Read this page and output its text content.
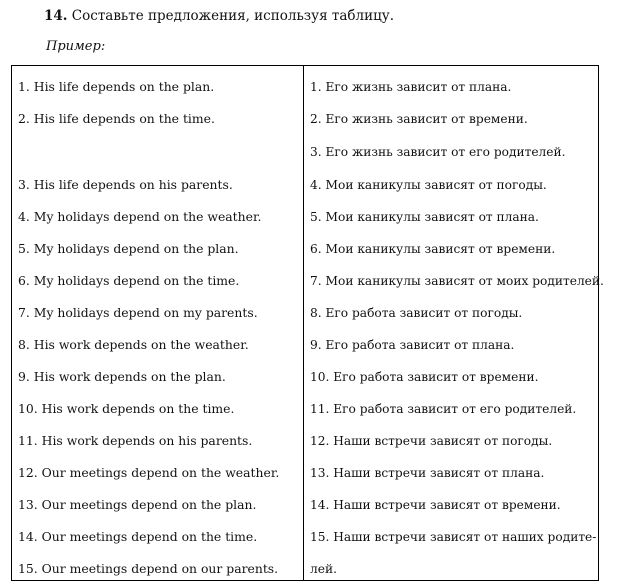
14. Составьте предложения, используя таблицу.
Пример:
1. His life depends on the plan.
2. His life depends on the time.
3. His life depends on his parents.
4. My holidays depend on the weather.
5. My holidays depend on the plan.
6. My holidays depend on the time.
7. My holidays depend on my parents.
8. His work depends on the weather.
9. His work depends on the plan.
10. His work depends on the time.
11. His work depends on his parents.
12. Our meetings depend on the weather.
13. Our meetings depend on the plan.
14. Our meetings depend on the time.
15. Our meetings depend on our parents.
1. Его жизнь зависит от плана.
2. Его жизнь зависит от времени.
3. Его жизнь зависит от его родителей.
4. Мои каникулы зависят от погоды.
5. Мои каникулы зависят от плана.
6. Мои каникулы зависят от времени.
7. Мои каникулы зависят от моих родителей.
8. Его работа зависит от погоды.
9. Его работа зависит от плана.
10. Его работа зависит от времени.
11. Его работа зависит от его родителей.
12. Наши встречи зависят от погоды.
13. Наши встречи зависят от плана.
14. Наши встречи зависят от времени.
15. Наши встречи зависят от наших родите-
лей.
